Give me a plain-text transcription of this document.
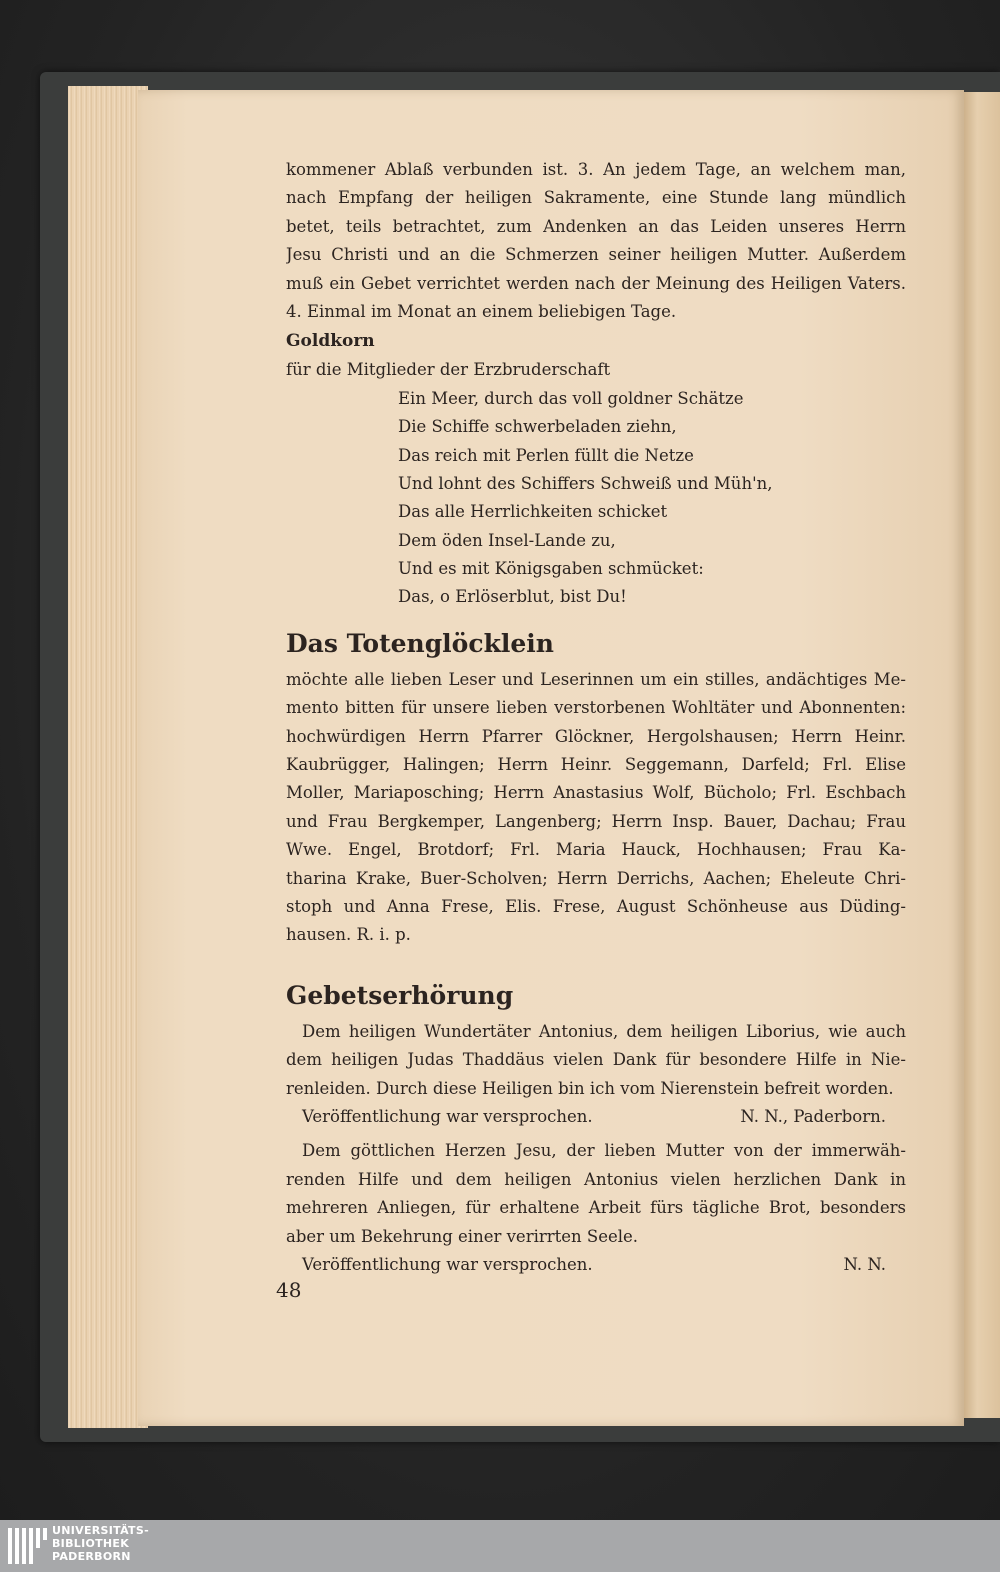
kommener Ablaß verbunden ist. 3. An jedem Tage, an welchem man,
nach Empfang der heiligen Sakramente, eine Stunde lang mündlich
betet, teils betrachtet, zum Andenken an das Leiden unseres Herrn
Jesu Christi und an die Schmerzen seiner heiligen Mutter. Außerdem
muß ein Gebet verrichtet werden nach der Meinung des Heiligen Vaters.
4. Einmal im Monat an einem beliebigen Tage.
Goldkorn
für die Mitglieder der Erzbruderschaft
Ein Meer, durch das voll goldner Schätze
Die Schiffe schwerbeladen ziehn,
Das reich mit Perlen füllt die Netze
Und lohnt des Schiffers Schweiß und Müh'n,
Das alle Herrlichkeiten schicket
Dem öden Insel-Lande zu,
Und es mit Königsgaben schmücket:
Das, o Erlöserblut, bist Du!
Das Totenglöcklein
möchte alle lieben Leser und Leserinnen um ein stilles, andächtiges Me-
mento bitten für unsere lieben verstorbenen Wohltäter und Abonnenten:
hochwürdigen Herrn Pfarrer Glöckner, Hergolshausen; Herrn Heinr.
Kaubrügger, Halingen; Herrn Heinr. Seggemann, Darfeld; Frl. Elise
Moller, Mariaposching; Herrn Anastasius Wolf, Bücholo; Frl. Eschbach
und Frau Bergkemper, Langenberg; Herrn Insp. Bauer, Dachau; Frau
Wwe. Engel, Brotdorf; Frl. Maria Hauck, Hochhausen; Frau Ka-
tharina Krake, Buer-Scholven; Herrn Derrichs, Aachen; Eheleute Chri-
stoph und Anna Frese, Elis. Frese, August Schönheuse aus Düding-
hausen. R. i. p.
Gebetserhörung
Dem heiligen Wundertäter Antonius, dem heiligen Liborius, wie auch
dem heiligen Judas Thaddäus vielen Dank für besondere Hilfe in Nie-
renleiden. Durch diese Heiligen bin ich vom Nierenstein befreit worden.
Veröffentlichung war versprochen.	N. N., Paderborn.
Dem göttlichen Herzen Jesu, der lieben Mutter von der immerwäh-
renden Hilfe und dem heiligen Antonius vielen herzlichen Dank in
mehreren Anliegen, für erhaltene Arbeit fürs tägliche Brot, besonders
aber um Bekehrung einer verirrten Seele.
Veröffentlichung war versprochen.	N. N.
48
UNIVERSITÄTS-
BIBLIOTHEK
PADERBORN
